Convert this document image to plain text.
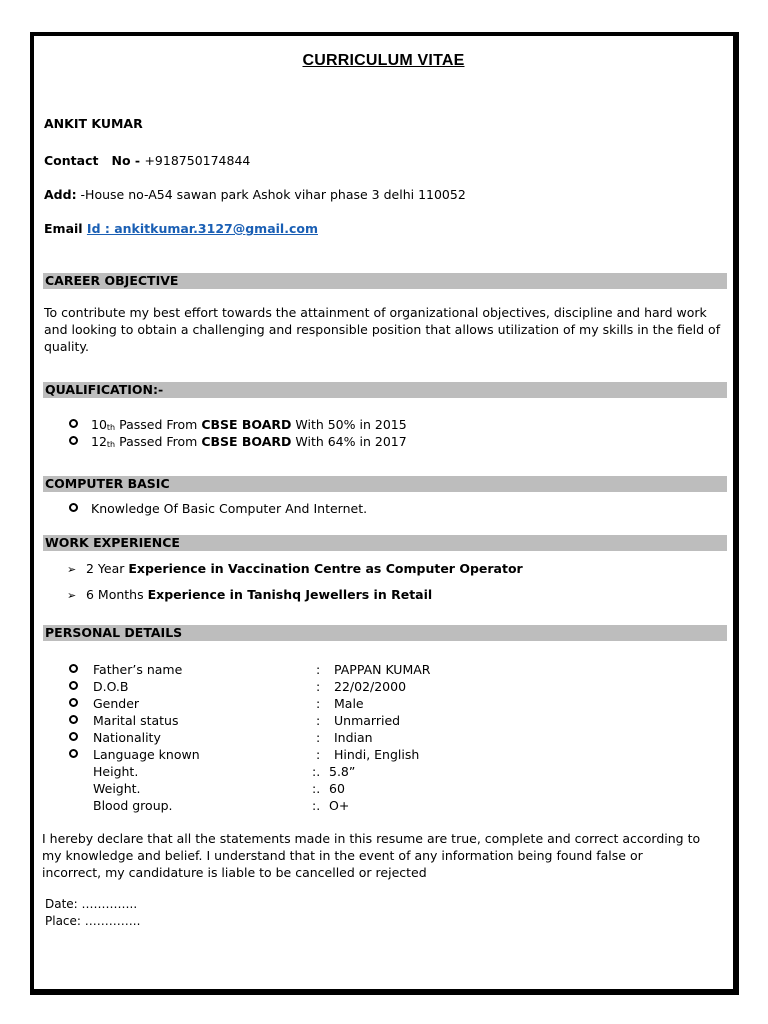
CURRICULUM VITAE
ANKIT KUMAR
Contact   No - +918750174844
Add: -House no-A54 sawan park Ashok vihar phase 3 delhi 110052
Email Id : ankitkumar.3127@gmail.com
CAREER OBJECTIVE
To contribute my best effort towards the attainment of organizational objectives, discipline and hard work and looking to obtain a challenging and responsible position that allows utilization of my skills in the field of quality.
QUALIFICATION:-
$10_{th}$ Passed From CBSE BOARD With 50% in 2015
$12_{th}$ Passed From CBSE BOARD With 64% in 2017
COMPUTER BASIC
Knowledge Of Basic Computer And Internet.
WORK EXPERIENCE
➢ 2 Year Experience in Vaccination Centre as Computer Operator
➢ 6 Months Experience in Tanishq Jewellers in Retail
PERSONAL DETAILS
Father’s name	: PAPPAN KUMAR
D.O.B	: 22/02/2000
Gender	: Male
Marital status	: Unmarried
Nationality	: Indian
Language known	: Hindi, English
Height.	:. 5.8”
Weight.	:. 60
Blood group.	:. O+
I hereby declare that all the statements made in this resume are true, complete and correct according to my knowledge and belief. I understand that in the event of any information being found false or incorrect, my candidature is liable to be cancelled or rejected
Date: …………..
Place: …………..
